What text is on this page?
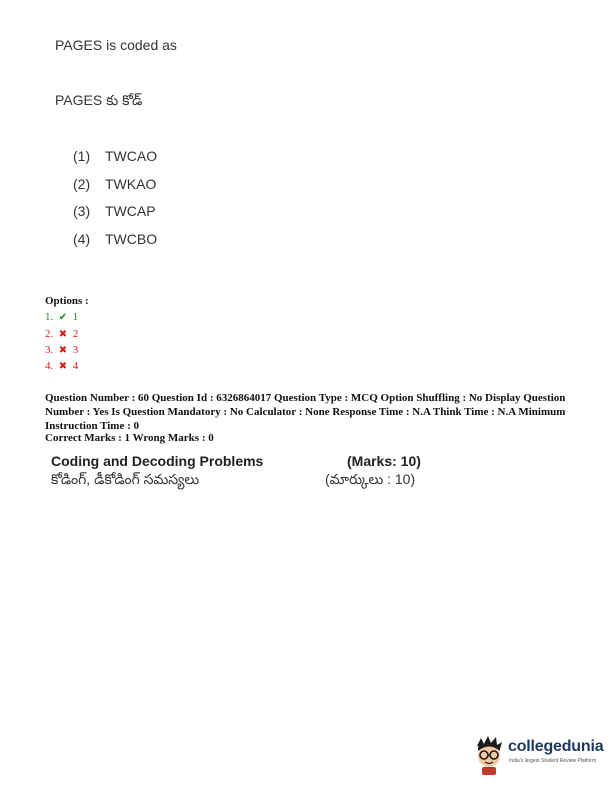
PAGES is coded as
PAGES కు కోడ్
(1) TWCAO
(2) TWKAO
(3) TWCAP
(4) TWCBO
Options :
1. ✔ 1
2. ✖ 2
3. ✖ 3
4. ✖ 4
Question Number : 60 Question Id : 6326864017 Question Type : MCQ Option Shuffling : No Display Question Number : Yes Is Question Mandatory : No Calculator : None Response Time : N.A Think Time : N.A Minimum Instruction Time : 0
Correct Marks : 1 Wrong Marks : 0
Coding and Decoding Problems	(Marks: 10)
కోడింగ్, డీకోడింగ్ సమస్యలు	(మార్కులు : 10)
collegedunia
India's largest Student Review Platform
